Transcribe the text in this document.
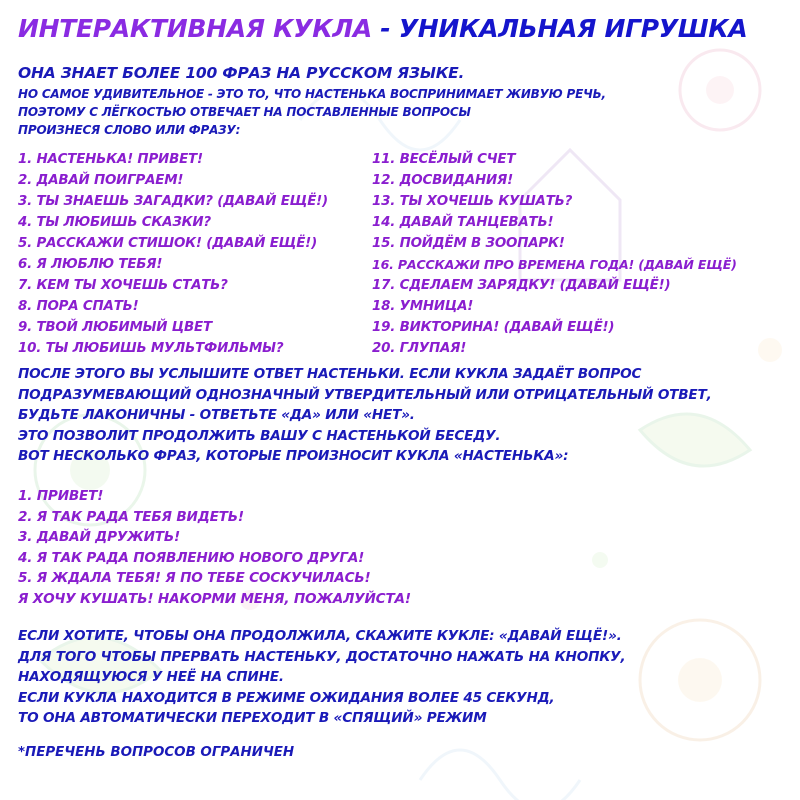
ИНТЕРАКТИВНАЯ КУКЛА - УНИКАЛЬНАЯ ИГРУШКА
ОНА ЗНАЕТ БОЛЕЕ 100 ФРАЗ НА РУССКОМ ЯЗЫКЕ.
НО САМОЕ УДИВИТЕЛЬНОЕ - ЭТО ТО, ЧТО НАСТЕНЬКА ВОСПРИНИМАЕТ ЖИВУЮ РЕЧЬ,
ПОЭТОМУ С ЛЁГКОСТЬЮ ОТВЕЧАЕТ НА ПОСТАВЛЕННЫЕ ВОПРОСЫ
ПРОИЗНЕСЯ СЛОВО ИЛИ ФРАЗУ:
1. НАСТЕНЬКА! ПРИВЕТ!
2. ДАВАЙ ПОИГРАЕМ!
3. ТЫ ЗНАЕШЬ ЗАГАДКИ? (ДАВАЙ ЕЩЁ!)
4. ТЫ ЛЮБИШЬ СКАЗКИ?
5. РАССКАЖИ СТИШОК! (ДАВАЙ ЕЩЁ!)
6. Я ЛЮБЛЮ ТЕБЯ!
7. КЕМ ТЫ ХОЧЕШЬ СТАТЬ?
8. ПОРА СПАТЬ!
9. ТВОЙ ЛЮБИМЫЙ ЦВЕТ
10. ТЫ ЛЮБИШЬ МУЛЬТФИЛЬМЫ?
11. ВЕСЁЛЫЙ СЧЕТ
12. ДОСВИДАНИЯ!
13. ТЫ ХОЧЕШЬ КУШАТЬ?
14. ДАВАЙ ТАНЦЕВАТЬ!
15. ПОЙДЁМ В ЗООПАРК!
16. РАССКАЖИ ПРО ВРЕМЕНА ГОДА! (ДАВАЙ ЕЩЁ)
17. СДЕЛАЕМ ЗАРЯДКУ! (ДАВАЙ ЕЩЁ!)
18. УМНИЦА!
19. ВИКТОРИНА! (ДАВАЙ ЕЩЁ!)
20. ГЛУПАЯ!
ПОСЛЕ ЭТОГО ВЫ УСЛЫШИТЕ ОТВЕТ НАСТЕНЬКИ. ЕСЛИ КУКЛА ЗАДАЁТ ВОПРОС
ПОДРАЗУМЕВАЮЩИЙ ОДНОЗНАЧНЫЙ УТВЕРДИТЕЛЬНЫЙ ИЛИ ОТРИЦАТЕЛЬНЫЙ ОТВЕТ,
БУДЬТЕ ЛАКОНИЧНЫ - ОТВЕТЬТЕ «ДА» ИЛИ «НЕТ».
ЭТО ПОЗВОЛИТ ПРОДОЛЖИТЬ ВАШУ С НАСТЕНЬКОЙ БЕСЕДУ.
ВОТ НЕСКОЛЬКО ФРАЗ, КОТОРЫЕ ПРОИЗНОСИТ КУКЛА «НАСТЕНЬКА»:
1. ПРИВЕТ!
2. Я ТАК РАДА ТЕБЯ ВИДЕТЬ!
3. ДАВАЙ ДРУЖИТЬ!
4. Я ТАК РАДА ПОЯВЛЕНИЮ НОВОГО ДРУГА!
5. Я ЖДАЛА ТЕБЯ! Я ПО ТЕБЕ СОСКУЧИЛАСЬ!
Я ХОЧУ КУШАТЬ! НАКОРМИ МЕНЯ, ПОЖАЛУЙСТА!
ЕСЛИ ХОТИТЕ, ЧТОБЫ ОНА ПРОДОЛЖИЛА, СКАЖИТЕ КУКЛЕ: «ДАВАЙ ЕЩЁ!».
ДЛЯ ТОГО ЧТОБЫ ПРЕРВАТЬ НАСТЕНЬКУ, ДОСТАТОЧНО НАЖАТЬ НА КНОПКУ,
НАХОДЯЩУЮСЯ У НЕЁ НА СПИНЕ.
ЕСЛИ КУКЛА НАХОДИТСЯ В РЕЖИМЕ ОЖИДАНИЯ ВОЛЕЕ 45 СЕКУНД,
ТО ОНА АВТОМАТИЧЕСКИ ПЕРЕХОДИТ В «СПЯЩИЙ» РЕЖИМ
*ПЕРЕЧЕНЬ ВОПРОСОВ ОГРАНИЧЕН
